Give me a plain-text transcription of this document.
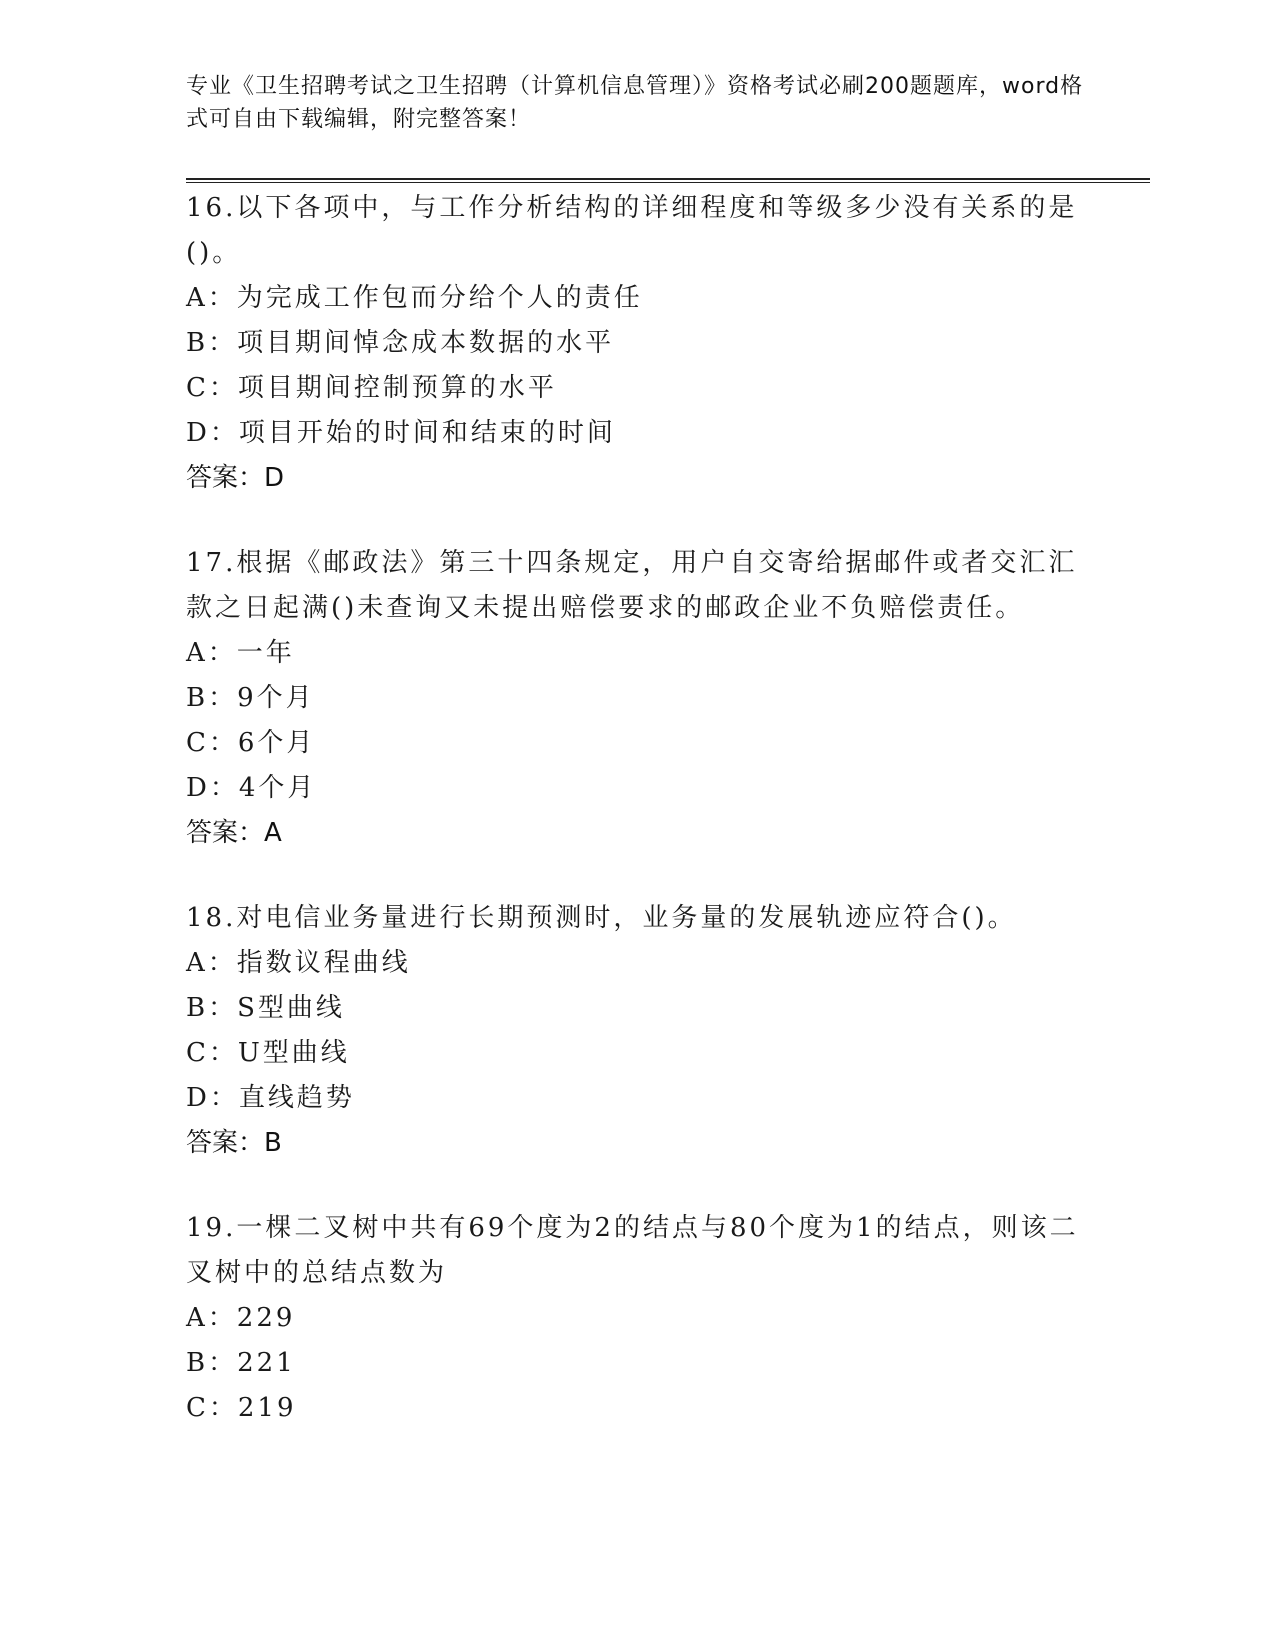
专业《卫生招聘考试之卫生招聘（计算机信息管理）》资格考试必刷200题题库，word格式可自由下载编辑，附完整答案！

16.以下各项中，与工作分析结构的详细程度和等级多少没有关系的是()。

A：为完成工作包而分给个人的责任

B：项目期间悼念成本数据的水平

C：项目期间控制预算的水平

D：项目开始的时间和结束的时间

答案：D

17.根据《邮政法》第三十四条规定，用户自交寄给据邮件或者交汇汇款之日起满()未查询又未提出赔偿要求的邮政企业不负赔偿责任。

A：一年

B：9个月

C：6个月

D：4个月

答案：A

18.对电信业务量进行长期预测时，业务量的发展轨迹应符合()。

A：指数议程曲线

B：S型曲线

C：U型曲线

D：直线趋势

答案：B

19.一棵二叉树中共有69个度为2的结点与80个度为1的结点，则该二叉树中的总结点数为

A：229

B：221

C：219
